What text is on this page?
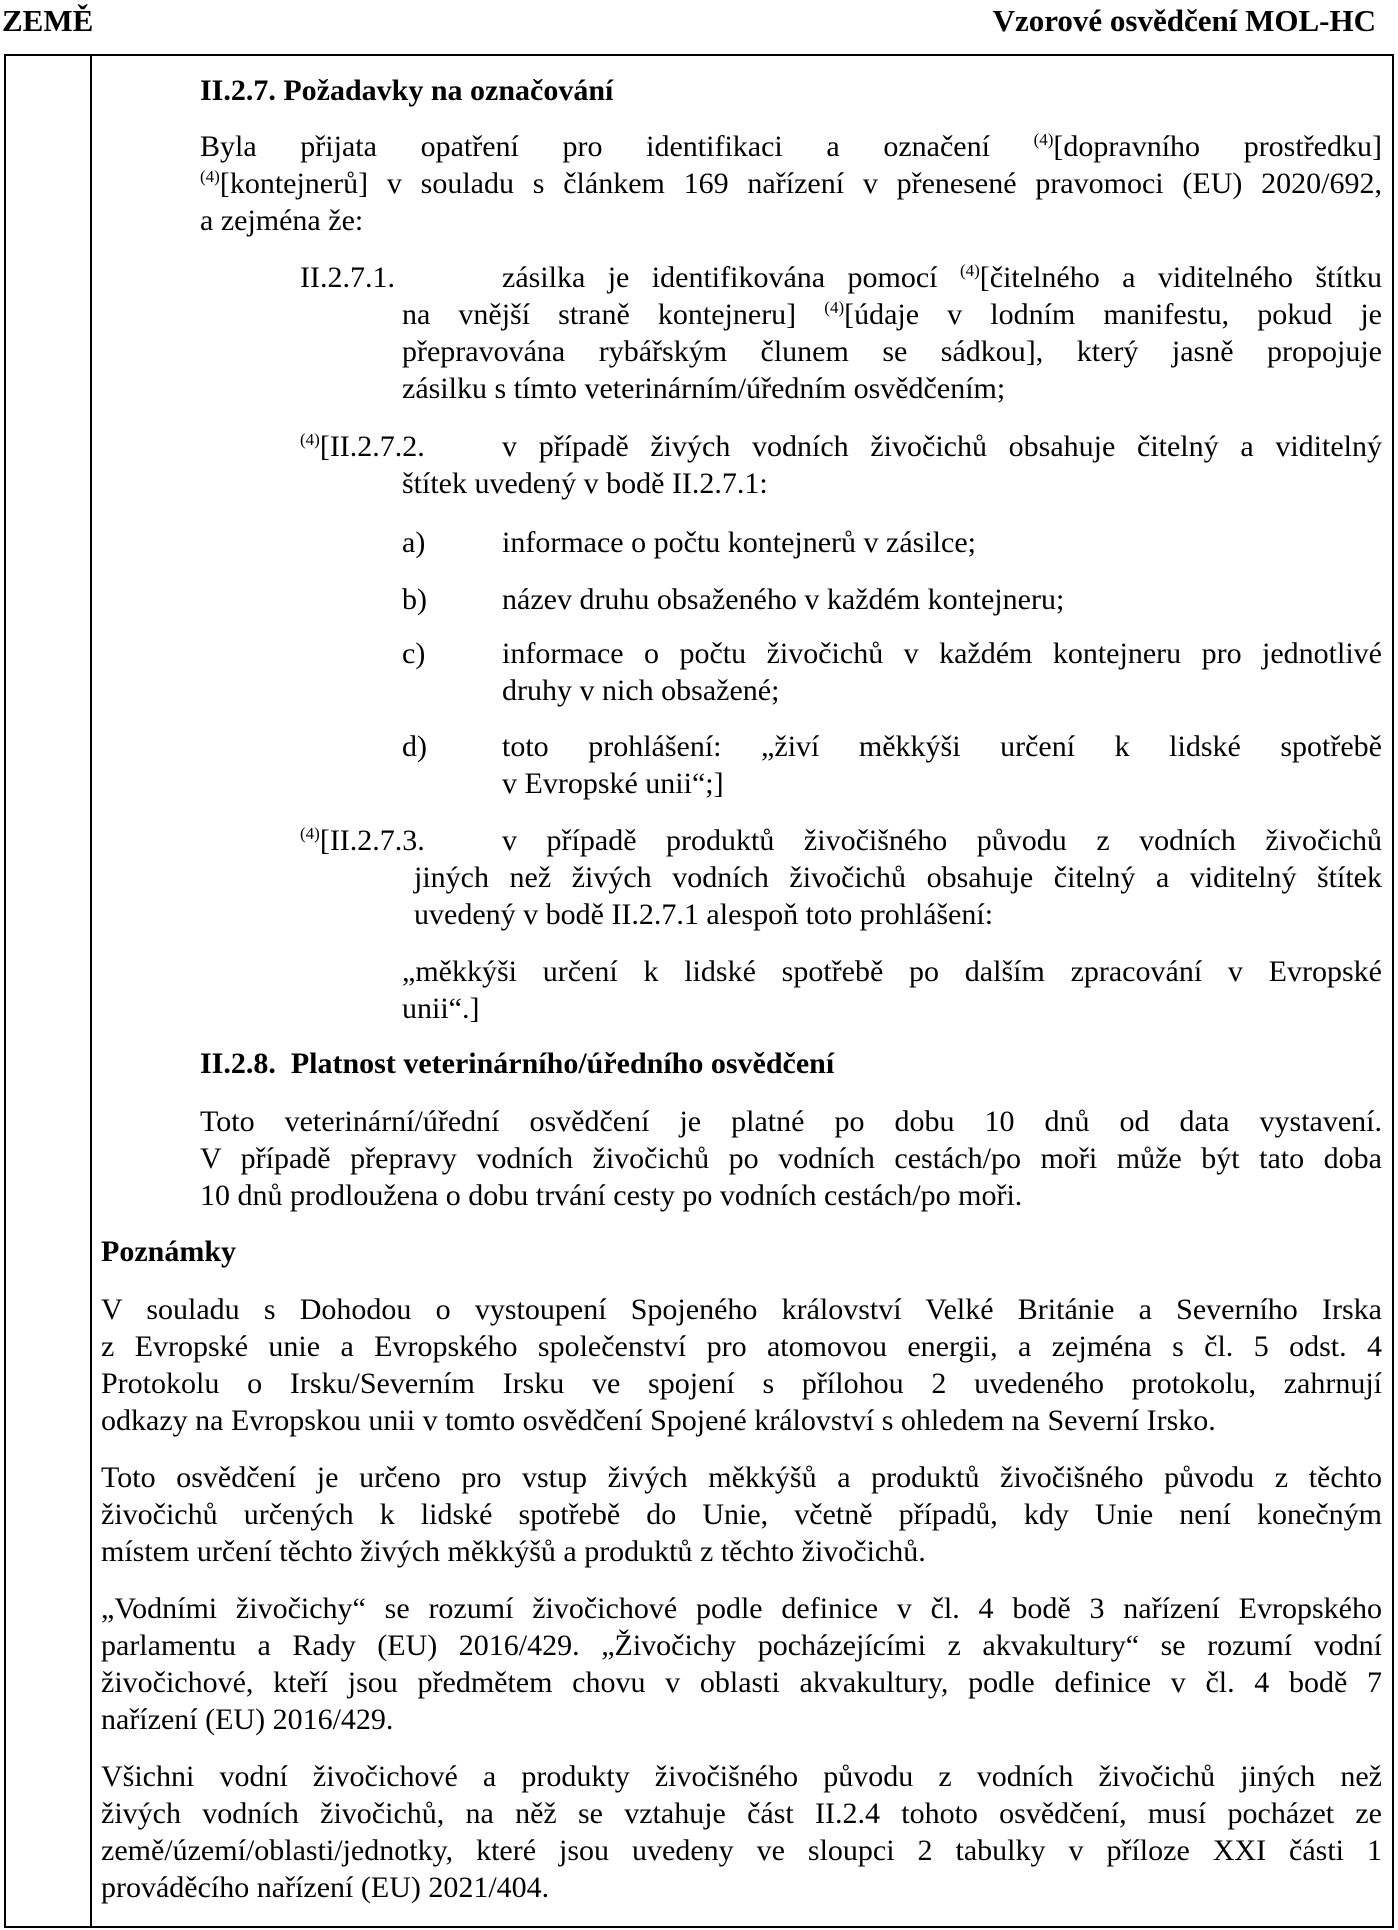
ZEMĚ	Vzorové osvědčení MOL-HC
II.2.7. Požadavky na označování
Byla přijata opatření pro identifikaci a označení $^{(4)}$[dopravního prostředku]
$^{(4)}$[kontejnerů] v souladu s článkem 169 nařízení v přenesené pravomoci (EU) 2020/692,
a zejména že:
II.2.7.1.	zásilka je identifikována pomocí $^{(4)}$[čitelného a viditelného štítku
na vnější straně kontejneru] $^{(4)}$[údaje v lodním manifestu, pokud je
přepravována rybářským člunem se sádkou], který jasně propojuje
zásilku s tímto veterinárním/úředním osvědčením;
$^{(4)}$[II.2.7.2.	v případě živých vodních živočichů obsahuje čitelný a viditelný
štítek uvedený v bodě II.2.7.1:
a)	informace o počtu kontejnerů v zásilce;
b)	název druhu obsaženého v každém kontejneru;
c)	informace o počtu živočichů v každém kontejneru pro jednotlivé
druhy v nich obsažené;
d)	toto prohlášení: „živí měkkýši určení k lidské spotřebě
v Evropské unii“;]
$^{(4)}$[II.2.7.3.	v případě produktů živočišného původu z vodních živočichů
jiných než živých vodních živočichů obsahuje čitelný a viditelný štítek
uvedený v bodě II.2.7.1 alespoň toto prohlášení:
„měkkýši určení k lidské spotřebě po dalším zpracování v Evropské
unii“.]
II.2.8.  Platnost veterinárního/úředního osvědčení
Toto veterinární/úřední osvědčení je platné po dobu 10 dnů od data vystavení.
V případě přepravy vodních živočichů po vodních cestách/po moři může být tato doba
10 dnů prodloužena o dobu trvání cesty po vodních cestách/po moři.
Poznámky
V souladu s Dohodou o vystoupení Spojeného království Velké Británie a Severního Irska
z Evropské unie a Evropského společenství pro atomovou energii, a zejména s čl. 5 odst. 4
Protokolu o Irsku/Severním Irsku ve spojení s přílohou 2 uvedeného protokolu, zahrnují
odkazy na Evropskou unii v tomto osvědčení Spojené království s ohledem na Severní Irsko.
Toto osvědčení je určeno pro vstup živých měkkýšů a produktů živočišného původu z těchto
živočichů určených k lidské spotřebě do Unie, včetně případů, kdy Unie není konečným
místem určení těchto živých měkkýšů a produktů z těchto živočichů.
„Vodními živočichy“ se rozumí živočichové podle definice v čl. 4 bodě 3 nařízení Evropského
parlamentu a Rady (EU) 2016/429. „Živočichy pocházejícími z akvakultury“ se rozumí vodní
živočichové, kteří jsou předmětem chovu v oblasti akvakultury, podle definice v čl. 4 bodě 7
nařízení (EU) 2016/429.
Všichni vodní živočichové a produkty živočišného původu z vodních živočichů jiných než
živých vodních živočichů, na něž se vztahuje část II.2.4 tohoto osvědčení, musí pocházet ze
země/území/oblasti/jednotky, které jsou uvedeny ve sloupci 2 tabulky v příloze XXI části 1
prováděcího nařízení (EU) 2021/404.
